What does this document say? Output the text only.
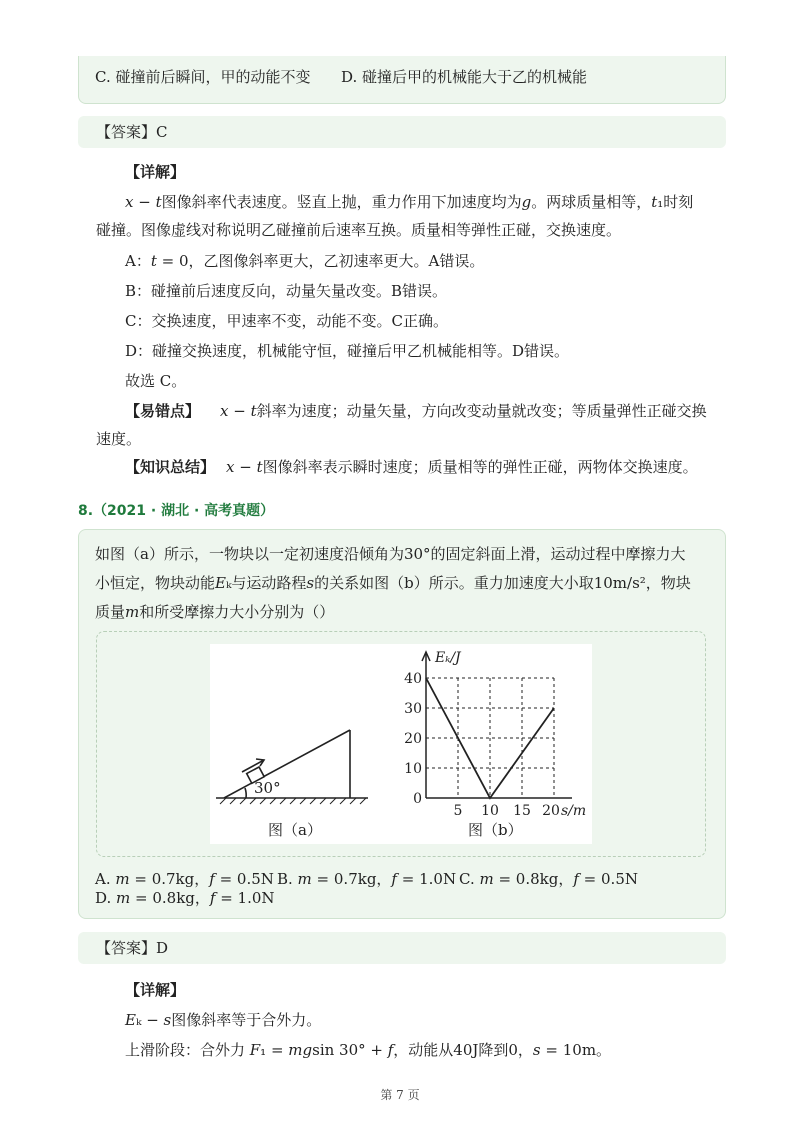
C. 碰撞前后瞬间，甲的动能不变 D. 碰撞后甲的机械能大于乙的机械能
【答案】C
【详解】
𝑥 − 𝑡图像斜率代表速度。竖直上抛，重力作用下加速度均为𝑔。两球质量相等，𝑡₁时刻
碰撞。图像虚线对称说明乙碰撞前后速率互换。质量相等弹性正碰，交换速度。
A：𝑡 = 0，乙图像斜率更大，乙初速率更大。A错误。
B：碰撞前后速度反向，动量矢量改变。B错误。
C：交换速度，甲速率不变，动能不变。C正确。
D：碰撞交换速度，机械能守恒，碰撞后甲乙机械能相等。D错误。
故选 C。
【易错点】 𝑥 − 𝑡斜率为速度；动量矢量，方向改变动量就改变；等质量弹性正碰交换
速度。
【知识总结】 𝑥 − 𝑡图像斜率表示瞬时速度；质量相等的弹性正碰，两物体交换速度。
8.（2021 · 湖北 · 高考真题）
如图（a）所示，一物块以一定初速度沿倾角为30°的固定斜面上滑，运动过程中摩擦力大
小恒定，物块动能𝐸ₖ与运动路程𝑠的关系如图（b）所示。重力加速度大小取10m/s²，物块
质量𝑚和所受摩擦力大小分别为（）
A. 𝑚 = 0.7kg，𝑓 = 0.5N B. 𝑚 = 0.7kg，𝑓 = 1.0N C. 𝑚 = 0.8kg，𝑓 = 0.5N
D. 𝑚 = 0.8kg，𝑓 = 1.0N
30°
图（a）
40
30
20
10
0
5 10 15 20
Eₖ/J
s/m
图（b）
【答案】D
【详解】
𝐸ₖ − 𝑠图像斜率等于合外力。
上滑阶段：合外力 𝐹₁ = 𝑚𝑔sin 30° + 𝑓，动能从40J降到0，𝑠 = 10m。
第 7 页
